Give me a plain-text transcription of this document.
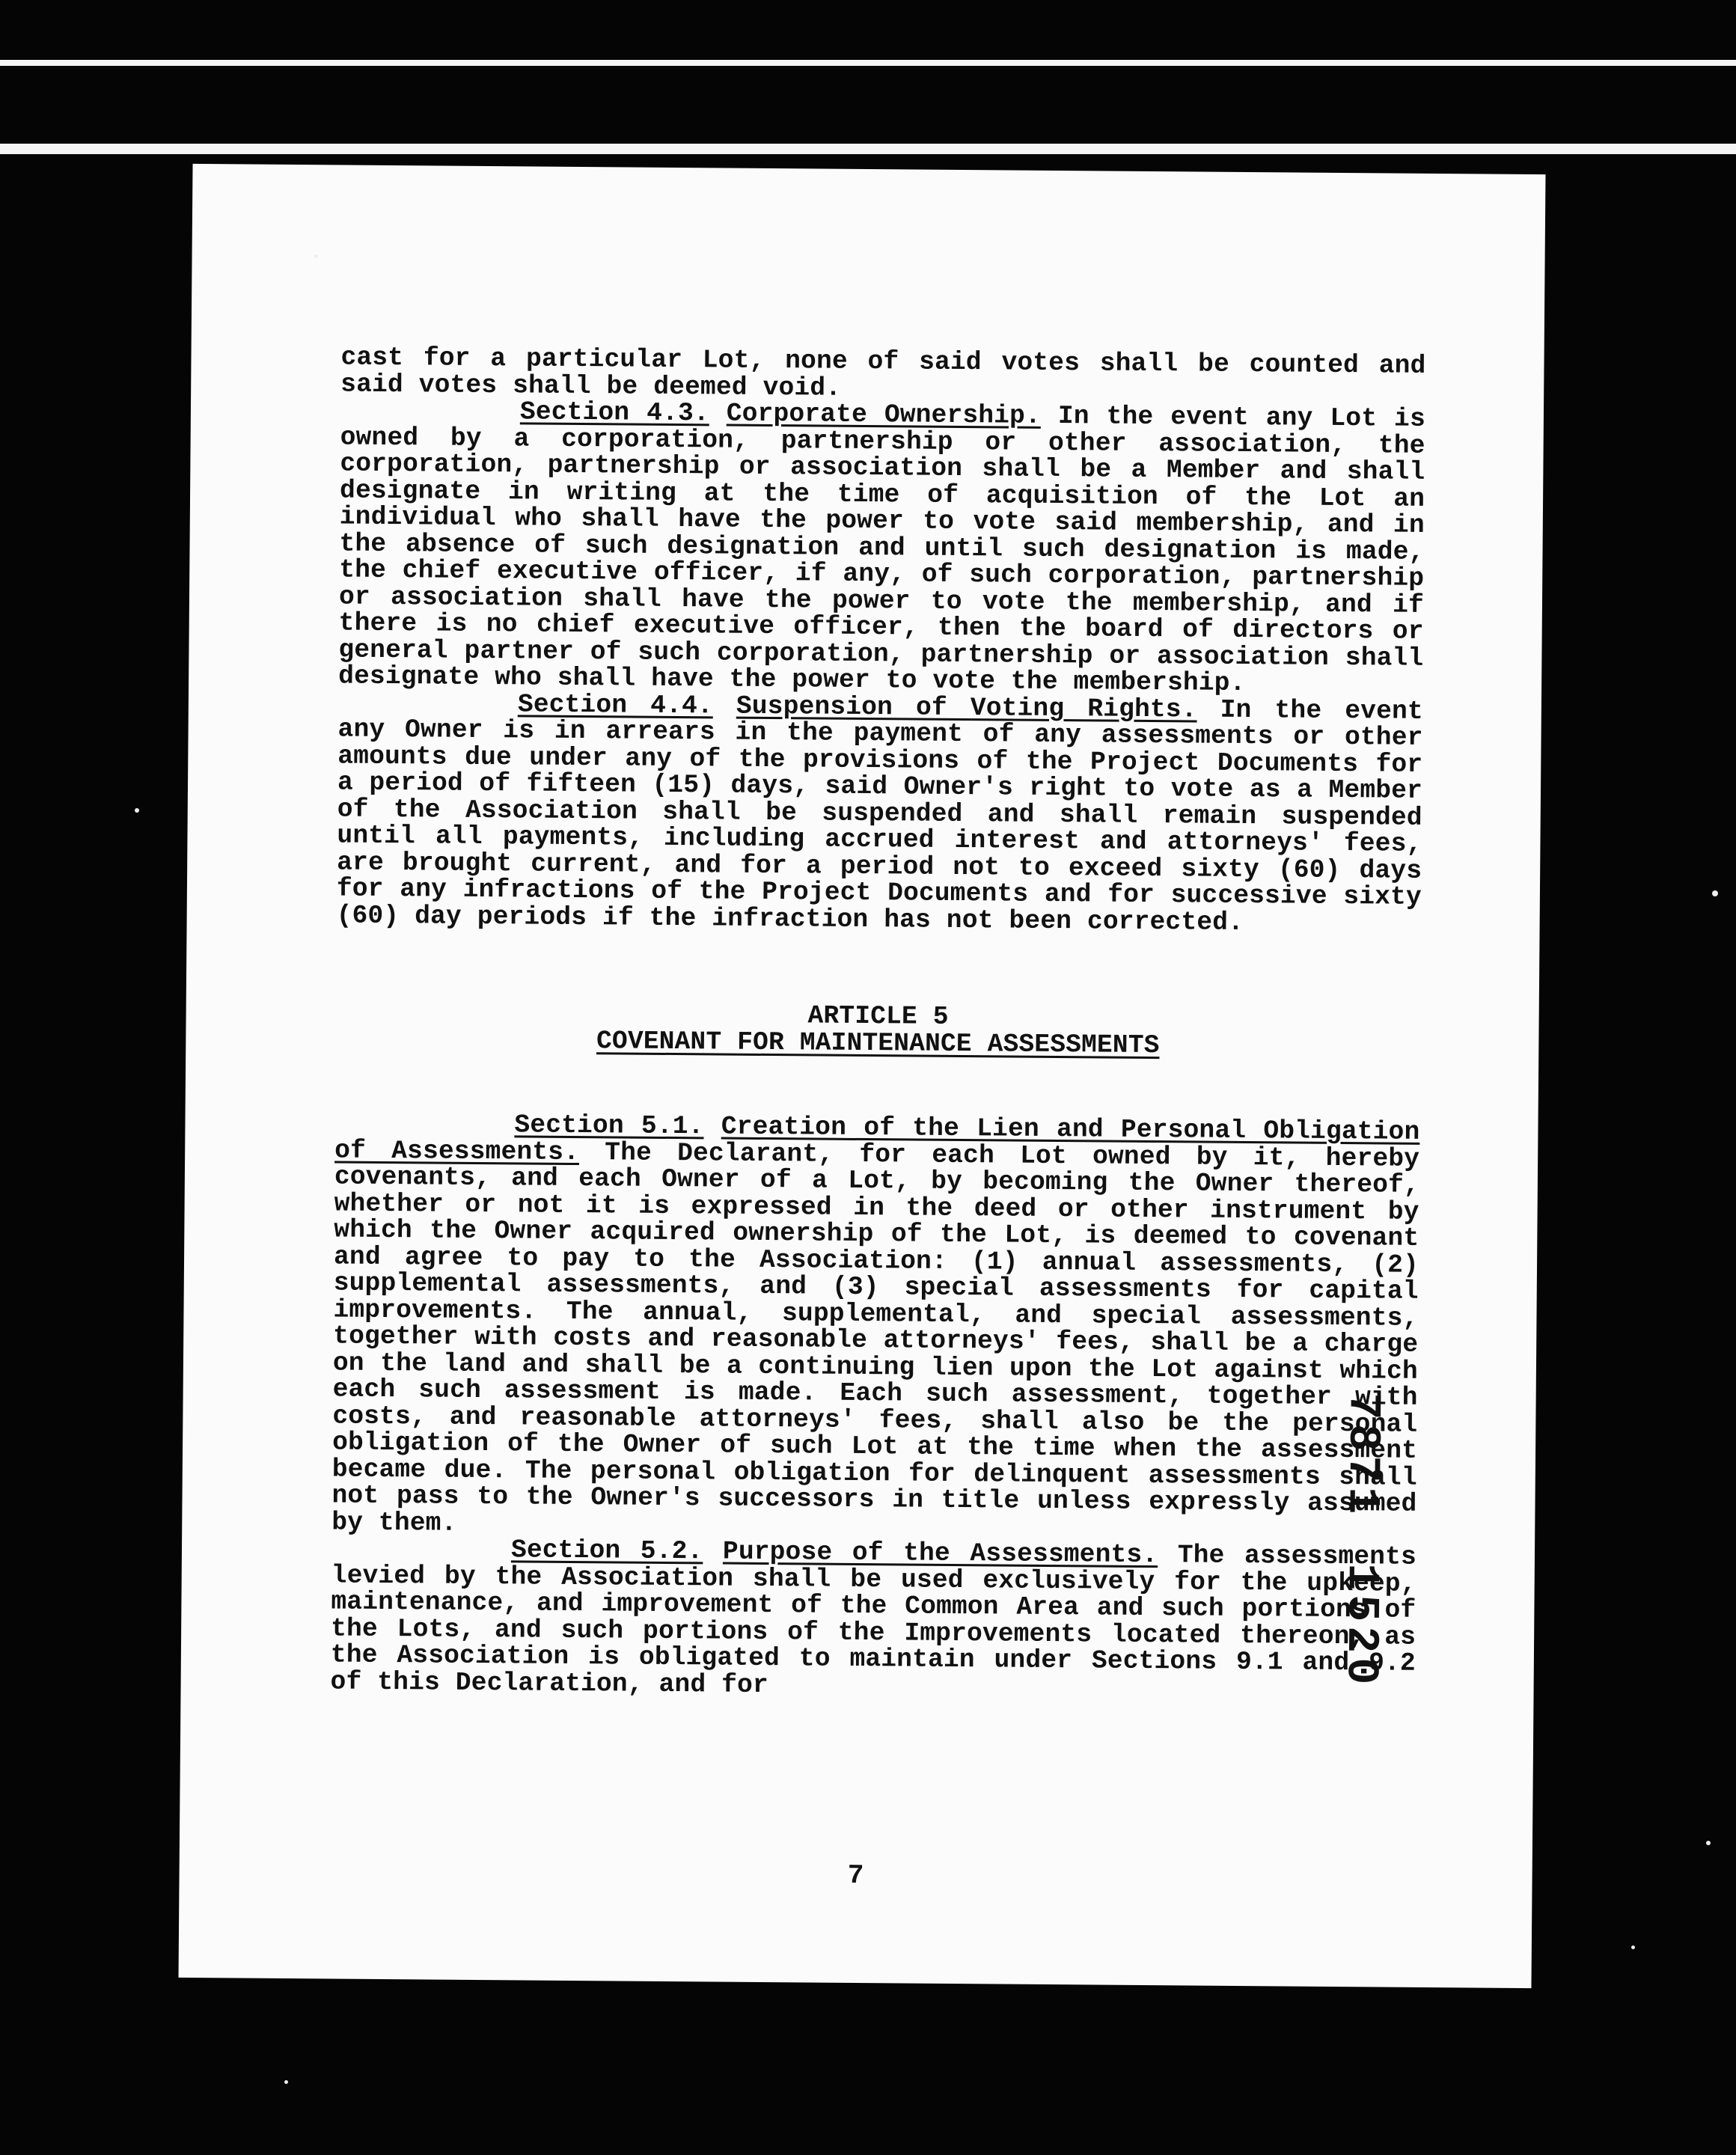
cast for a particular Lot, none of said votes shall be counted and said votes shall be deemed void.

Section 4.3. Corporate Ownership. In the event any Lot is owned by a corporation, partnership or other association, the corporation, partnership or association shall be a Member and shall designate in writing at the time of acquisition of the Lot an individual who shall have the power to vote said membership, and in the absence of such designation and until such designation is made, the chief executive officer, if any, of such corporation, partnership or association shall have the power to vote the membership, and if there is no chief executive officer, then the board of directors or general partner of such corporation, partnership or association shall designate who shall have the power to vote the membership.

Section 4.4. Suspension of Voting Rights. In the event any Owner is in arrears in the payment of any assessments or other amounts due under any of the provisions of the Project Documents for a period of fifteen (15) days, said Owner's right to vote as a Member of the Association shall be suspended and shall remain suspended until all payments, including accrued interest and attorneys' fees, are brought current, and for a period not to exceed sixty (60) days for any infractions of the Project Documents and for successive sixty (60) day periods if the infraction has not been corrected.

ARTICLE 5
COVENANT FOR MAINTENANCE ASSESSMENTS

Section 5.1. Creation of the Lien and Personal Obligation of Assessments. The Declarant, for each Lot owned by it, hereby covenants, and each Owner of a Lot, by becoming the Owner thereof, whether or not it is expressed in the deed or other instrument by which the Owner acquired ownership of the Lot, is deemed to covenant and agree to pay to the Association: (1) annual assessments, (2) supplemental assessments, and (3) special assessments for capital improvements. The annual, supplemental, and special assessments, together with costs and reasonable attorneys' fees, shall be a charge on the land and shall be a continuing lien upon the Lot against which each such assessment is made. Each such assessment, together with costs, and reasonable attorneys' fees, shall also be the personal obligation of the Owner of such Lot at the time when the assessment became due. The personal obligation for delinquent assessments shall not pass to the Owner's successors in title unless expressly assumed by them.

Section 5.2. Purpose of the Assessments. The assessments levied by the Association shall be used exclusively for the upkeep, maintenance, and improvement of the Common Area and such portions of the Lots, and such portions of the Improvements located thereon, as the Association is obligated to maintain under Sections 9.1 and 9.2 of this Declaration, and for

7
78711520
